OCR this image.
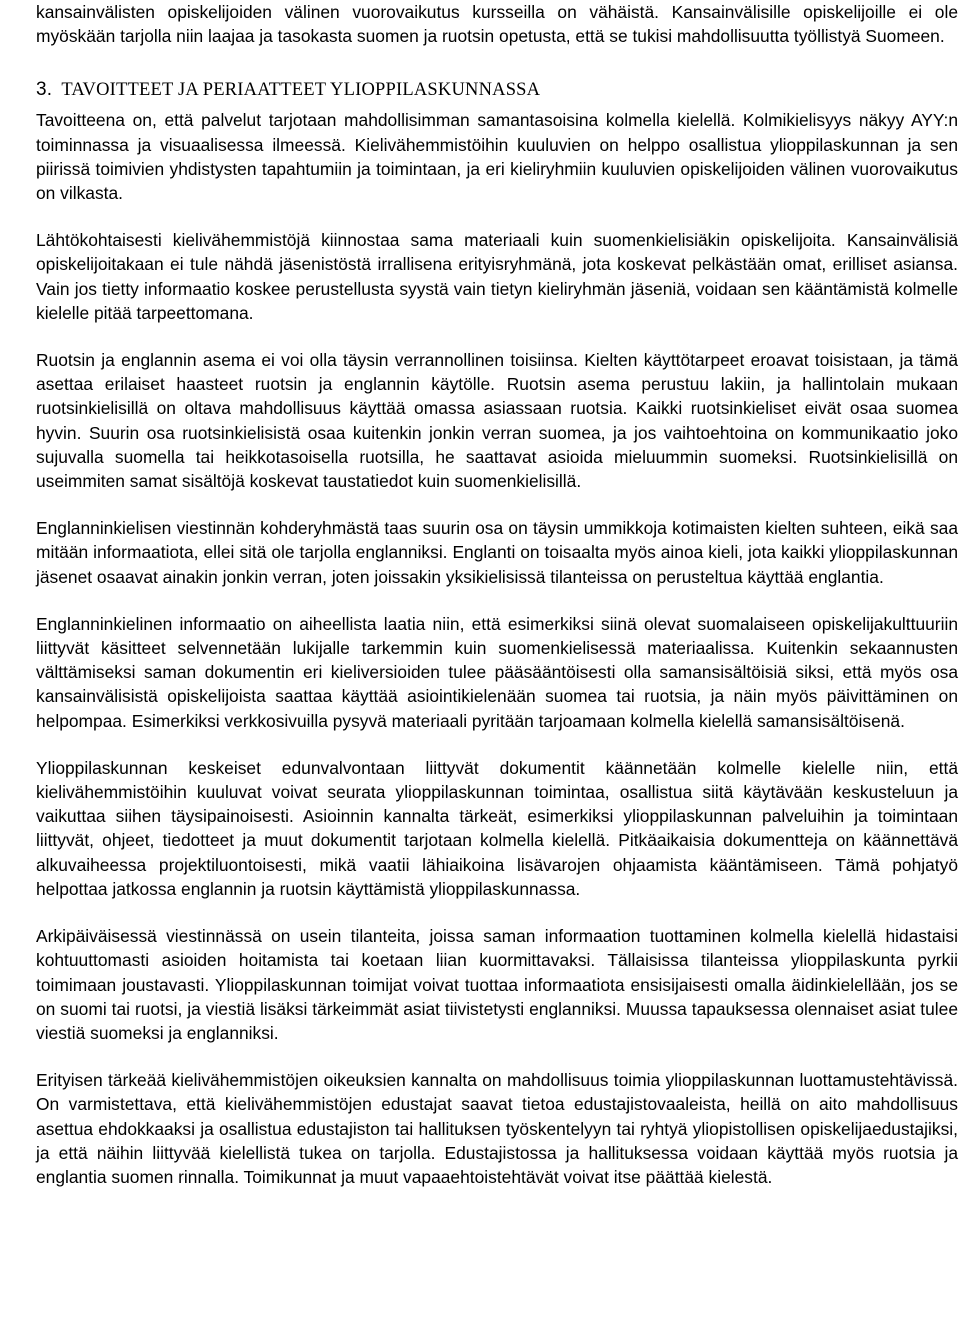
kansainvälisten opiskelijoiden välinen vuorovaikutus kursseilla on vähäistä. Kansainvälisille opiskelijoille ei ole myöskään tarjolla niin laajaa ja tasokasta suomen ja ruotsin opetusta, että se tukisi mahdollisuutta työllistyä Suomeen.

3. TAVOITTEET JA PERIAATTEET YLIOPPILASKUNNASSA

Tavoitteena on, että palvelut tarjotaan mahdollisimman samantasoisina kolmella kielellä. Kolmikielisyys näkyy AYY:n toiminnassa ja visuaalisessa ilmeessä. Kielivähemmistöihin kuuluvien on helppo osallistua ylioppilaskunnan ja sen piirissä toimivien yhdistysten tapahtumiin ja toimintaan, ja eri kieliryhmiin kuuluvien opiskelijoiden välinen vuorovaikutus on vilkasta.

Lähtökohtaisesti kielivähemmistöjä kiinnostaa sama materiaali kuin suomenkielisiäkin opiskelijoita. Kansainvälisiä opiskelijoitakaan ei tule nähdä jäsenistöstä irrallisena erityisryhmänä, jota koskevat pelkästään omat, erilliset asiansa. Vain jos tietty informaatio koskee perustellusta syystä vain tietyn kieliryhmän jäseniä, voidaan sen kääntämistä kolmelle kielelle pitää tarpeettomana.

Ruotsin ja englannin asema ei voi olla täysin verrannollinen toisiinsa. Kielten käyttötarpeet eroavat toisistaan, ja tämä asettaa erilaiset haasteet ruotsin ja englannin käytölle. Ruotsin asema perustuu lakiin, ja hallintolain mukaan ruotsinkielisillä on oltava mahdollisuus käyttää omassa asiassaan ruotsia. Kaikki ruotsinkieliset eivät osaa suomea hyvin. Suurin osa ruotsinkielisistä osaa kuitenkin jonkin verran suomea, ja jos vaihtoehtoina on kommunikaatio joko sujuvalla suomella tai heikkotasoisella ruotsilla, he saattavat asioida mieluummin suomeksi. Ruotsinkielisillä on useimmiten samat sisältöjä koskevat taustatiedot kuin suomenkielisillä.

Englanninkielisen viestinnän kohderyhmästä taas suurin osa on täysin ummikkoja kotimaisten kielten suhteen, eikä saa mitään informaatiota, ellei sitä ole tarjolla englanniksi. Englanti on toisaalta myös ainoa kieli, jota kaikki ylioppilaskunnan jäsenet osaavat ainakin jonkin verran, joten joissakin yksikielisissä tilanteissa on perusteltua käyttää englantia.

Englanninkielinen informaatio on aiheellista laatia niin, että esimerkiksi siinä olevat suomalaiseen opiskelijakulttuuriin liittyvät käsitteet selvennetään lukijalle tarkemmin kuin suomenkielisessä materiaalissa. Kuitenkin sekaannusten välttämiseksi saman dokumentin eri kieliversioiden tulee pääsääntöisesti olla samansisältöisiä siksi, että myös osa kansainvälisistä opiskelijoista saattaa käyttää asiointikielenään suomea tai ruotsia, ja näin myös päivittäminen on helpompaa. Esimerkiksi verkkosivuilla pysyvä materiaali pyritään tarjoamaan kolmella kielellä samansisältöisenä.

Ylioppilaskunnan keskeiset edunvalvontaan liittyvät dokumentit käännetään kolmelle kielelle niin, että kielivähemmistöihin kuuluvat voivat seurata ylioppilaskunnan toimintaa, osallistua siitä käytävään keskusteluun ja vaikuttaa siihen täysipainoisesti. Asioinnin kannalta tärkeät, esimerkiksi ylioppilaskunnan palveluihin ja toimintaan liittyvät, ohjeet, tiedotteet ja muut dokumentit tarjotaan kolmella kielellä. Pitkäaikaisia dokumentteja on käännettävä alkuvaiheessa projektiluontoisesti, mikä vaatii lähiaikoina lisävarojen ohjaamista kääntämiseen. Tämä pohjatyö helpottaa jatkossa englannin ja ruotsin käyttämistä ylioppilaskunnassa.

Arkipäiväisessä viestinnässä on usein tilanteita, joissa saman informaation tuottaminen kolmella kielellä hidastaisi kohtuuttomasti asioiden hoitamista tai koetaan liian kuormittavaksi. Tällaisissa tilanteissa ylioppilaskunta pyrkii toimimaan joustavasti. Ylioppilaskunnan toimijat voivat tuottaa informaatiota ensisijaisesti omalla äidinkielellään, jos se on suomi tai ruotsi, ja viestiä lisäksi tärkeimmät asiat tiivistetysti englanniksi. Muussa tapauksessa olennaiset asiat tulee viestiä suomeksi ja englanniksi.

Erityisen tärkeää kielivähemmistöjen oikeuksien kannalta on mahdollisuus toimia ylioppilaskunnan luottamustehtävissä. On varmistettava, että kielivähemmistöjen edustajat saavat tietoa edustajistovaaleista, heillä on aito mahdollisuus asettua ehdokkaaksi ja osallistua edustajiston tai hallituksen työskentelyyn tai ryhtyä yliopistollisen opiskelijaedustajiksi, ja että näihin liittyvää kielellistä tukea on tarjolla. Edustajistossa ja hallituksessa voidaan käyttää myös ruotsia ja englantia suomen rinnalla. Toimikunnat ja muut vapaaehtoistehtävät voivat itse päättää kielestä.
